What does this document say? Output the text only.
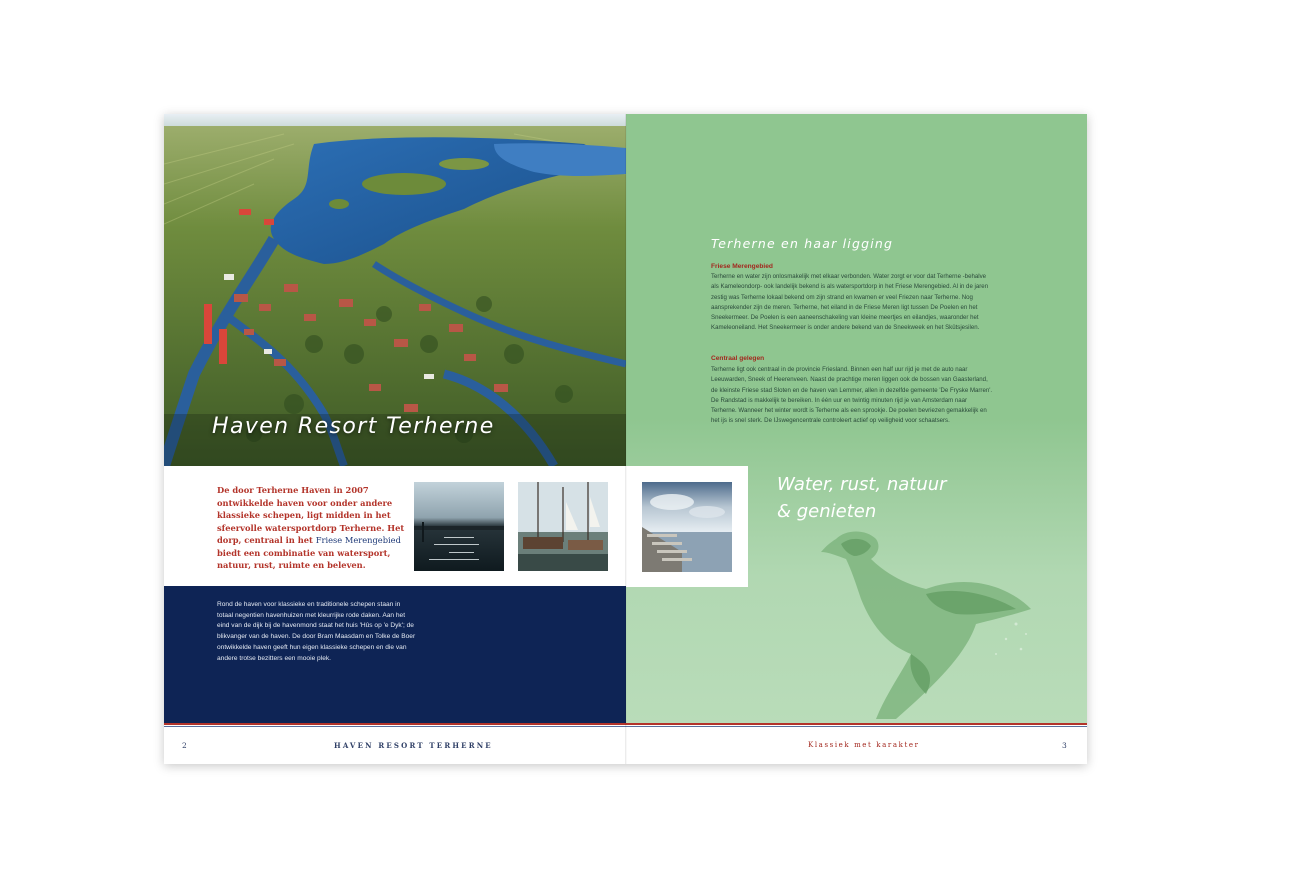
Haven Resort Terherne
De door Terherne Haven in 2007 ontwikkelde haven voor onder andere klassieke schepen, ligt midden in het sfeervolle watersportdorp Terherne. Het dorp, centraal in het Friese Merengebied biedt een combinatie van watersport, natuur, rust, ruimte en beleven.
Rond de haven voor klassieke en traditionele schepen staan in totaal negentien havenhuizen met kleurrijke rode daken. Aan het eind van de dijk bij de havenmond staat het huis 'Hûs op 'e Dyk'; de blikvanger van de haven. De door Bram Maasdam en Tolke de Boer ontwikkelde haven geeft hun eigen klassieke schepen en die van andere trotse bezitters een mooie plek.
2	HAVEN RESORT TERHERNE
Terherne en haar ligging
Friese Merengebied
Terherne en water zijn onlosmakelijk met elkaar verbonden. Water zorgt er voor dat Terherne -behalve als Kameleondorp- ook landelijk bekend is als watersportdorp in het Friese Merengebied. Al in de jaren zestig was Terherne lokaal bekend om zijn strand en kwamen er veel Friezen naar Terherne. Nog aansprekender zijn de meren. Terherne, het eiland in de Friese Meren ligt tussen De Poelen en het Sneekermeer. De Poelen is een aaneenschakeling van kleine meertjes en eilandjes, waaronder het Kameleoneiland. Het Sneekermeer is onder andere bekend van de Sneekweek en het Skûtsjesilen.
Centraal gelegen
Terherne ligt ook centraal in de provincie Friesland. Binnen een half uur rijd je met de auto naar Leeuwarden, Sneek of Heerenveen. Naast de prachtige meren liggen ook de bossen van Gaasterland, de kleinste Friese stad Sloten en de haven van Lemmer, allen in dezelfde gemeente 'De Fryske Marren'. De Randstad is makkelijk te bereiken. In één uur en twintig minuten rijd je van Amsterdam naar Terherne. Wanneer het winter wordt is Terherne als een sprookje. De poelen bevriezen gemakkelijk en het ijs is snel sterk. De IJswegencentrale controleert actief op veiligheid voor schaatsers.
Water, rust, natuur
& genieten
Klassiek met karakter	3
